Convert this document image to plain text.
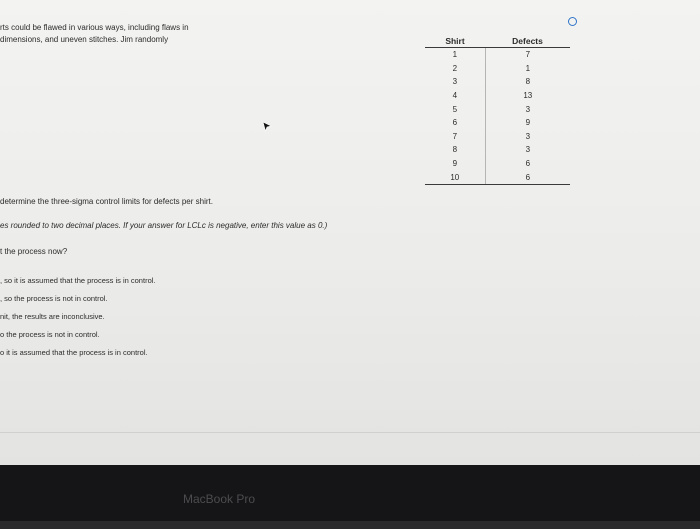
rts could be flawed in various ways, including flaws in
dimensions, and uneven stitches. Jim randomly	Shirt	Defects
1	7
2	1
3	8
4	13
5	3
6	9
7	3
8	3
9	6
10	6
determine the three-sigma control limits for defects per shirt.
es rounded to two decimal places. If your answer for LCLc is negative, enter this value as 0.)
t the process now?
, so it is assumed that the process is in control.
, so the process is not in control.
nit, the results are inconclusive.
o the process is not in control.
o it is assumed that the process is in control.
MacBook Pro
